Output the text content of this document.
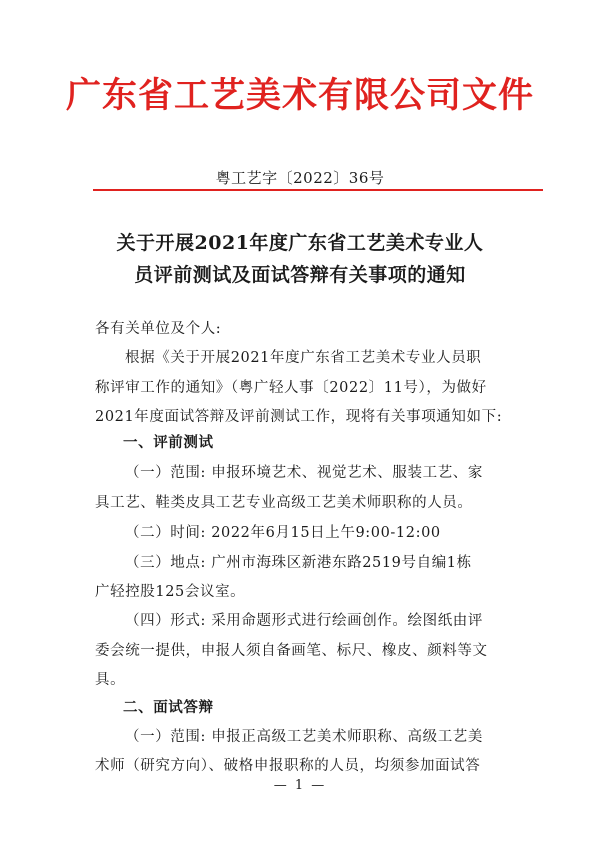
广东省工艺美术有限公司文件
粤工艺字〔2022〕36号
关于开展2021年度广东省工艺美术专业人
员评前测试及面试答辩有关事项的通知
各有关单位及个人:
根据《关于开展2021年度广东省工艺美术专业人员职
称评审工作的通知》（粤广轻人事〔2022〕11号），为做好
2021年度面试答辩及评前测试工作，现将有关事项通知如下:
一、评前测试
（一）范围: 申报环境艺术、视觉艺术、服装工艺、家
具工艺、鞋类皮具工艺专业高级工艺美术师职称的人员。
（二）时间: 2022年6月15日上午9:00-12:00
（三）地点: 广州市海珠区新港东路2519号自编1栋
广轻控股125会议室。
（四）形式: 采用命题形式进行绘画创作。绘图纸由评
委会统一提供，申报人须自备画笔、标尺、橡皮、颜料等文
具。
二、面试答辩
（一）范围: 申报正高级工艺美术师职称、高级工艺美
术师（研究方向）、破格申报职称的人员，均须参加面试答
— 1 —
